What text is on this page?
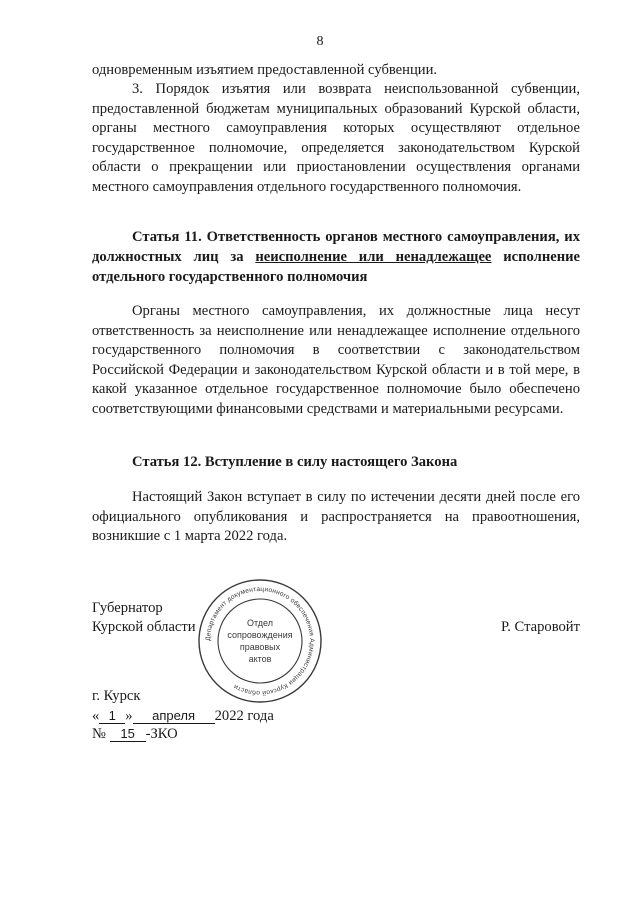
8
одновременным изъятием предоставленной субвенции.
3. Порядок изъятия или возврата неиспользованной субвенции, предоставленной бюджетам муниципальных образований Курской области, органы местного самоуправления которых осуществляют отдельное государственное полномочие, определяется законодательством Курской области о прекращении или приостановлении осуществления органами местного самоуправления отдельного государственного полномочия.
Статья 11. Ответственность органов местного самоуправления, их должностных лиц за неисполнение или ненадлежащее исполнение отдельного государственного полномочия
Органы местного самоуправления, их должностные лица несут ответственность за неисполнение или ненадлежащее исполнение отдельного государственного полномочия в соответствии с законодательством Российской Федерации и законодательством Курской области и в той мере, в какой указанное отдельное государственное полномочие было обеспечено соответствующими финансовыми средствами и материальными ресурсами.
Статья 12. Вступление в силу настоящего Закона
Настоящий Закон вступает в силу по истечении десяти дней после его официального опубликования и распространяется на правоотношения, возникшие с 1 марта 2022 года.
Губернатор
Курской области	Р. Старовойт
Департамент документационного обеспечения Администрации Курской области
Отдел
сопровождения
правовых
актов
г. Курск
« 1 » апреля 2022 года
№ 15 -ЗКО
